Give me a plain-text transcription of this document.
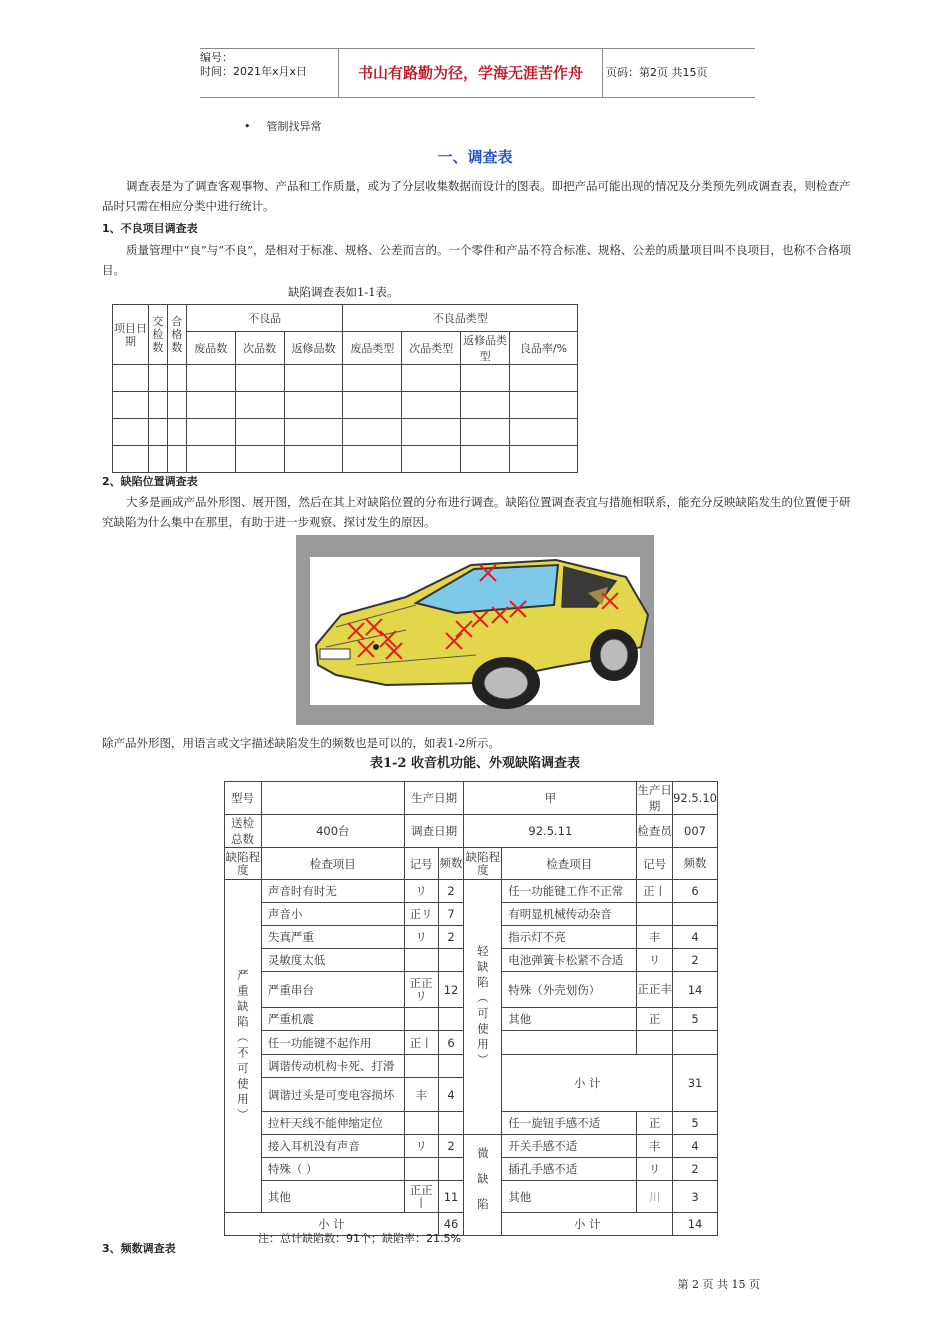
编号：
时间：2021年x月x日	书山有路勤为径，学海无涯苦作舟	页码：第2页 共15页
• 管制找异常
一、调查表
调查表是为了调查客观事物、产品和工作质量，或为了分层收集数据而设计的图表。即把产品可能出现的情况及分类预先列成调查表，则检查产品时只需在相应分类中进行统计。
1、不良项目调查表
质量管理中“良”与“不良”，是相对于标准、规格、公差而言的。一个零件和产品不符合标准、规格、公差的质量项目叫不良项目，也称不合格项目。
缺陷调查表如1-1表。
项目日期	交检数	合格数	不良品			不良品类型			
			废品数	次品数	返修品数	废品类型	次品类型	返修品类型	良品率/%

2、缺陷位置调查表
大多是画成产品外形图、展开图，然后在其上对缺陷位置的分布进行调查。缺陷位置调查表宜与措施相联系，能充分反映缺陷发生的位置便于研究缺陷为什么集中在那里，有助于进一步观察、探讨发生的原因。
除产品外形图，用语言或文字描述缺陷发生的频数也是可以的，如表1-2所示。
表1-2 收音机功能、外观缺陷调查表
型号		生产日期		甲		生产日期	92.5.10
送检总数	400台	调查日期		92.5.11		检查员	007
缺陷程度	检查项目	记号	频数	缺陷程度	检查项目	记号	频数
严重缺陷（不可使用）	声音时有时无	リ	2	轻缺陷（可使用）	任一功能键工作不正常	正丨	6
	声音小	正リ	7		有明显机械传动杂音		
	失真严重	リ	2		指示灯不亮	丰	4
	灵敏度太低				电池弹簧卡松紧不合适	リ	2
	严重串台	正正リ	12		特殊（外壳划伤）	正正丰	14
	严重机震				其他	正	5
	任一功能键不起作用	正丨	6				
	调谐传动机构卡死、打滑				小 计		31
	调谐过头是可变电容损坏	丰	4				
	拉杆天线不能伸缩定位				任一旋钮手感不适	正	5
	接入耳机没有声音	リ	2	微缺陷	开关手感不适	丰	4
	特殊（ ）				插孔手感不适	リ	2
	其他	正正丨	11		其他	川	3
小 计			46		小 计		14
注：总计缺陷数：91个；缺陷率：21.5%
3、频数调查表
第 2 页 共 15 页
